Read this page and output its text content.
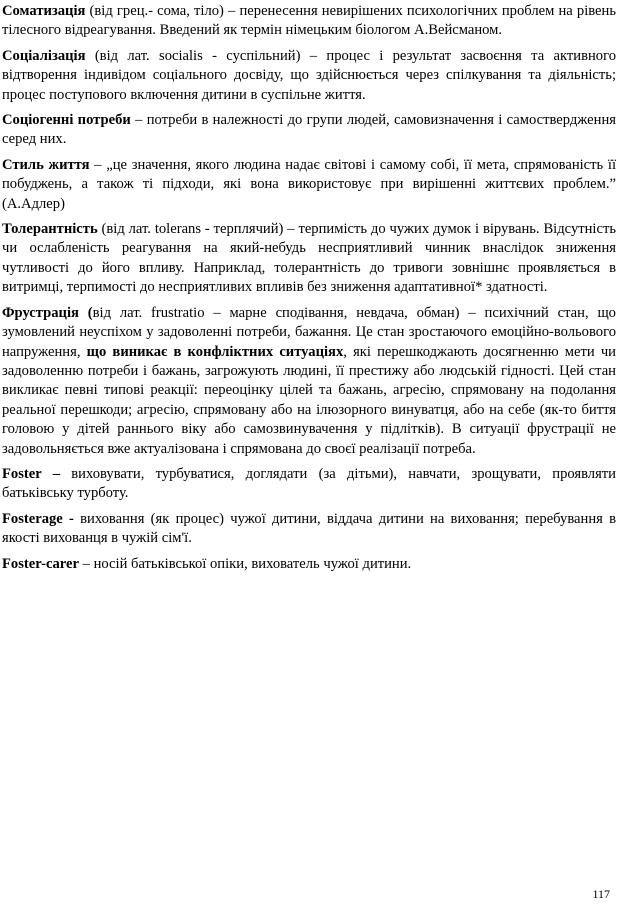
Соматизація (від грец.- сома, тіло) – перенесення невирішених психологічних проблем на рівень тілесного відреагування. Введений як термін німецьким біологом А.Вейсманом.

Соціалізація (від лат. socialis - суспільний) – процес і результат засвоєння та активного відтворення індивідом соціального досвіду, що здійснюється через спілкування та діяльність; процес поступового включення дитини в суспільне життя.

Соціогенні потреби – потреби в належності до групи людей, самовизначення і самоствердження серед них.

Стиль життя – „це значення, якого людина надає світові і самому собі, її мета, спрямованість її побуджень, а також ті підходи, які вона використовує при вирішенні життєвих проблем.” (А.Адлер)

Толерантність (від лат. tolerans - терплячий) – терпимість до чужих думок і вірувань. Відсутність чи ослабленість реагування на який-небудь несприятливий чинник внаслідок зниження чутливості до його впливу. Наприклад, толерантність до тривоги зовнішнє проявляється в витримці, терпимості до несприятливих впливів без зниження адаптативної* здатності.

Фрустрація (від лат. frustratio – марне сподівання, невдача, обман) – психічний стан, що зумовлений неуспіхом у задоволенні потреби, бажання. Це стан зростаючого емоційно-вольового напруження, що виникає в конфліктних ситуаціях, які перешкоджають досягненню мети чи задоволенню потреби і бажань, загрожують людині, її престижу або людській гідності. Цей стан викликає певні типові реакції: переоцінку цілей та бажань, агресію, спрямовану на подолання реальної перешкоди; агресію, спрямовану або на ілюзорного винуватця, або на себе (як-то биття головою у дітей раннього віку або самозвинувачення у підлітків). В ситуації фрустрації не задовольняється вже актуалізована і спрямована до своєї реалізації потреба.

Foster – виховувати, турбуватися, доглядати (за дітьми), навчати, зрощувати, проявляти батьківську турботу.

Fosterage - виховання (як процес) чужої дитини, віддача дитини на виховання; перебування в якості вихованця в чужій сім'ї.

Foster-carer – носій батьківської опіки, вихователь чужої дитини.

117
